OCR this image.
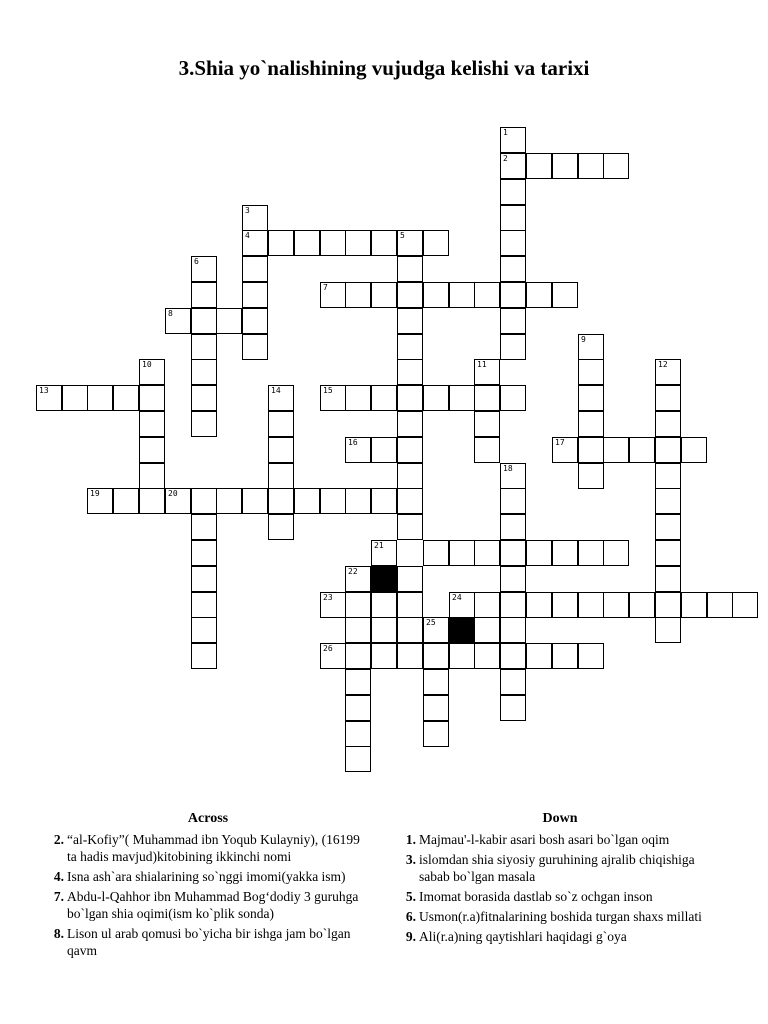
3.Shia yo`nalishining vujudga kelishi va tarixi
1
2
3
4	5
6
7
8
9
10	11	12
13	14	15
16	17
18
19	20
21
22
23	24
25
26
Across
2. “al-Kofiy”( Muhammad ibn Yoqub Kulayniy), (16199 ta hadis mavjud)kitobining ikkinchi nomi
4. Isna ash`ara shialarining so`nggi imomi(yakka ism)
7. Abdu-l-Qahhor ibn Muhammad Bog‘dodiy 3 guruhga bo`lgan shia oqimi(ism ko`plik sonda)
8. Lison ul arab qomusi bo`yicha bir ishga jam bo`lgan qavm
Down
1. Majmau'-l-kabir asari bosh asari bo`lgan oqim
3. islomdan shia siyosiy guruhining ajralib chiqishiga sabab bo`lgan masala
5. Imomat borasida dastlab so`z ochgan inson
6. Usmon(r.a)fitnalarining boshida turgan shaxs millati
9. Ali(r.a)ning qaytishlari haqidagi g`oya
